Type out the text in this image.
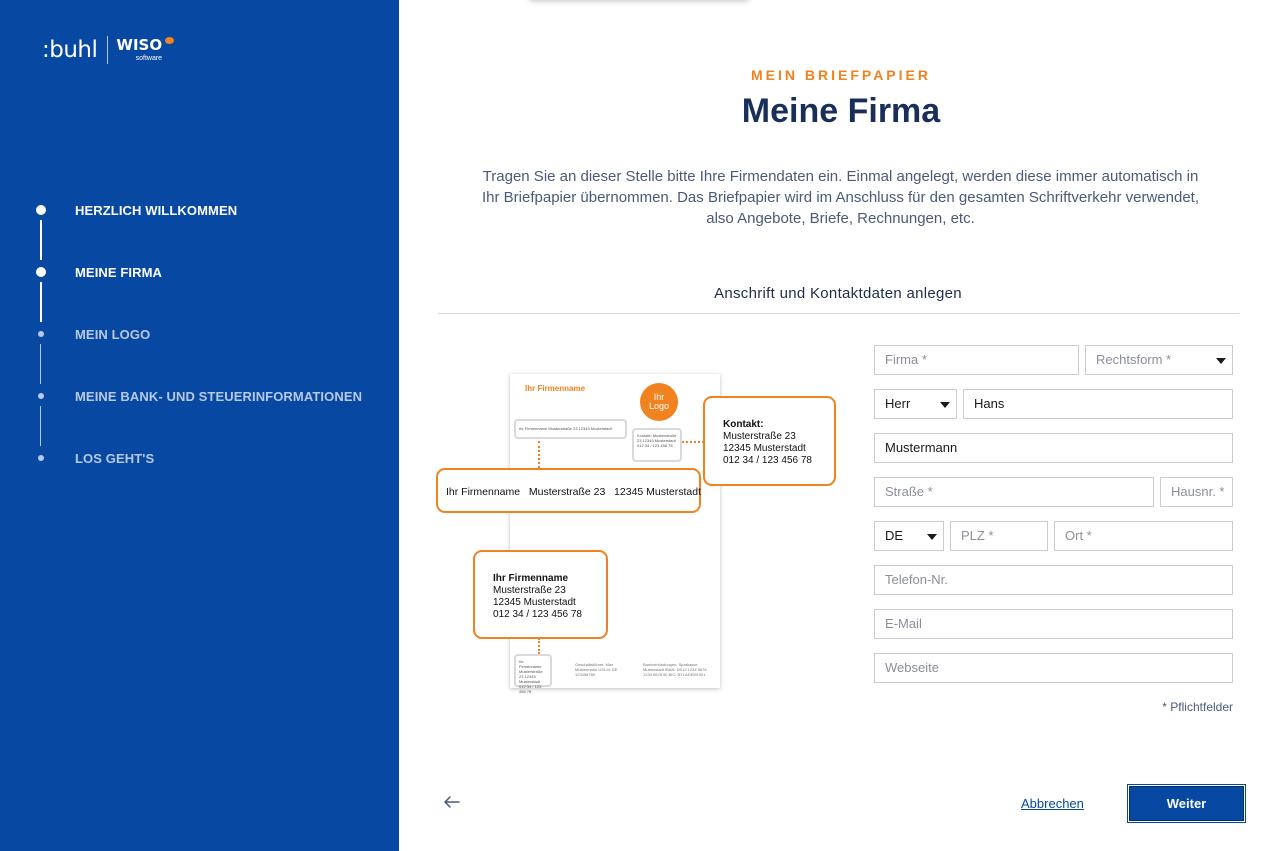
:buhl WISO
software
HERZLICH WILLKOMMEN
MEINE FIRMA
MEIN LOGO
MEINE BANK- UND STEUERINFORMATIONEN
LOS GEHT'S
MEIN BRIEFPAPIER
Meine Firma
Tragen Sie an dieser Stelle bitte Ihre Firmendaten ein. Einmal angelegt, werden diese immer automatisch in Ihr Briefpapier übernommen. Das Briefpapier wird im Anschluss für den gesamten Schriftverkehr verwendet, also Angebote, Briefe, Rechnungen, etc.
Anschrift und Kontaktdaten anlegen
Ihr Firmenname
Ihr
Logo
Ihr Firmenname Musterstraße 23 12345 Musterstadt
Kontakt: Musterstraße 23 12345 Musterstadt 012 34 / 123 456 78
Ihr Firmenname Musterstraße 23 12345 Musterstadt 012 34 / 123 456 78
Geschäftsführer: Max Mustermann USt-Id: DE 123456789
Bankverbindungen: Sparkasse Musterstadt IBAN: DE12 1234 5678 1234 5678 90 BIC: BYLADEM1001
Kontakt:
Musterstraße 23
12345 Musterstadt
012 34 / 123 456 78
Ihr Firmenname   Musterstraße 23   12345 Musterstadt
Ihr Firmenname
Musterstraße 23
12345 Musterstadt
012 34 / 123 456 78
Firma *	Rechtsform *
Herr	Hans
Mustermann
Straße *	Hausnr. *
DE	PLZ *	Ort *
Telefon-Nr.
E-Mail
Webseite
* Pflichtfelder
Abbrechen	Weiter
